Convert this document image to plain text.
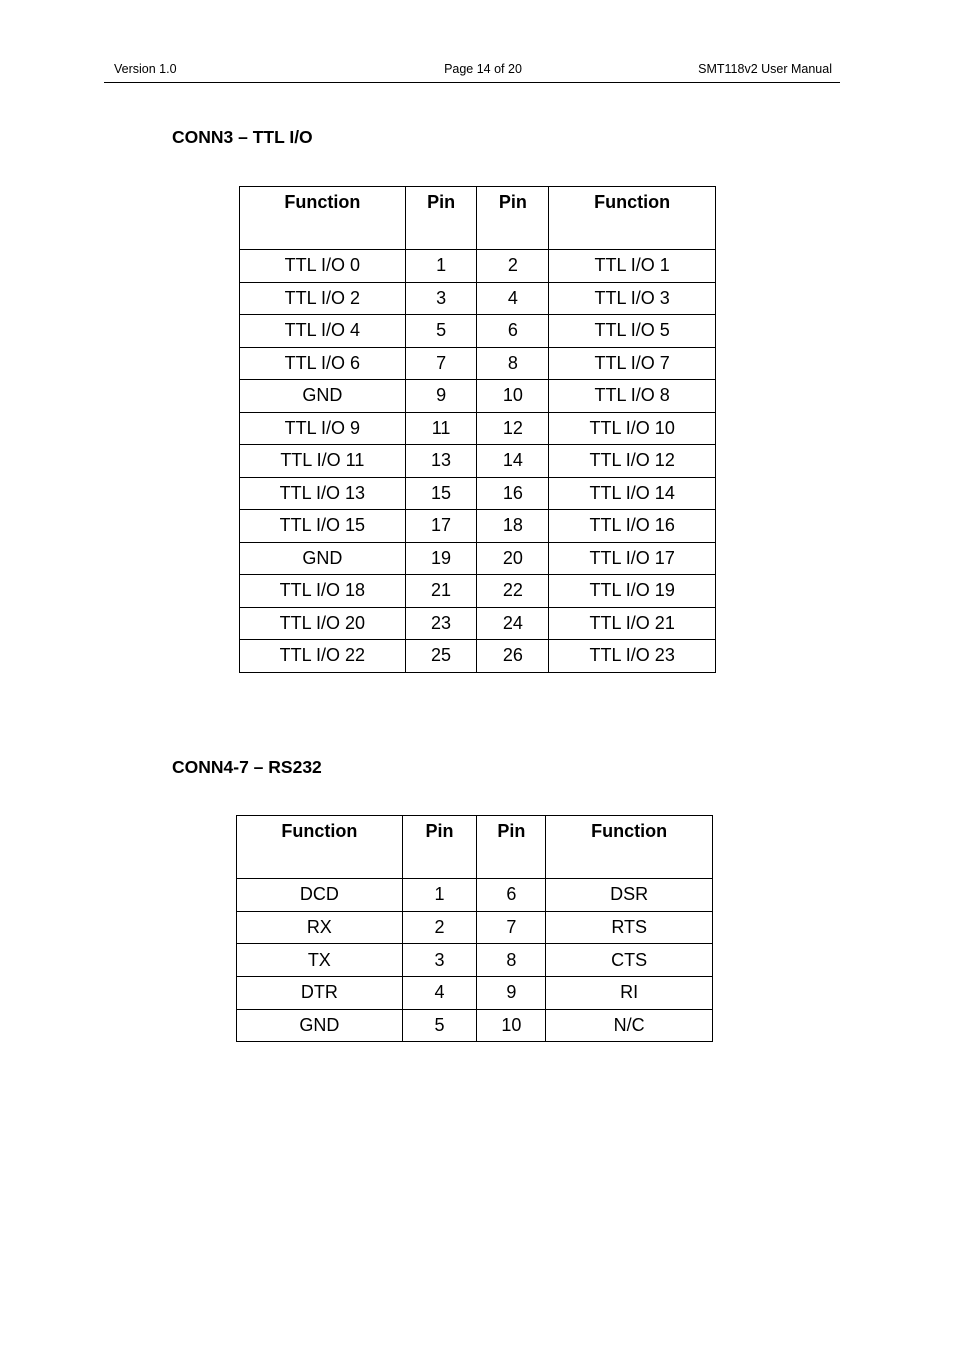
Version 1.0	Page 14 of 20	SMT118v2 User Manual
CONN3 – TTL I/O
Function	Pin	Pin	Function
TTL I/O 0	1	2	TTL I/O 1
TTL I/O 2	3	4	TTL I/O 3
TTL I/O 4	5	6	TTL I/O 5
TTL I/O 6	7	8	TTL I/O 7
GND	9	10	TTL I/O 8
TTL I/O 9	11	12	TTL I/O 10
TTL I/O 11	13	14	TTL I/O 12
TTL I/O 13	15	16	TTL I/O 14
TTL I/O 15	17	18	TTL I/O 16
GND	19	20	TTL I/O 17
TTL I/O 18	21	22	TTL I/O 19
TTL I/O 20	23	24	TTL I/O 21
TTL I/O 22	25	26	TTL I/O 23
CONN4-7 – RS232
Function	Pin	Pin	Function
DCD	1	6	DSR
RX	2	7	RTS
TX	3	8	CTS
DTR	4	9	RI
GND	5	10	N/C
